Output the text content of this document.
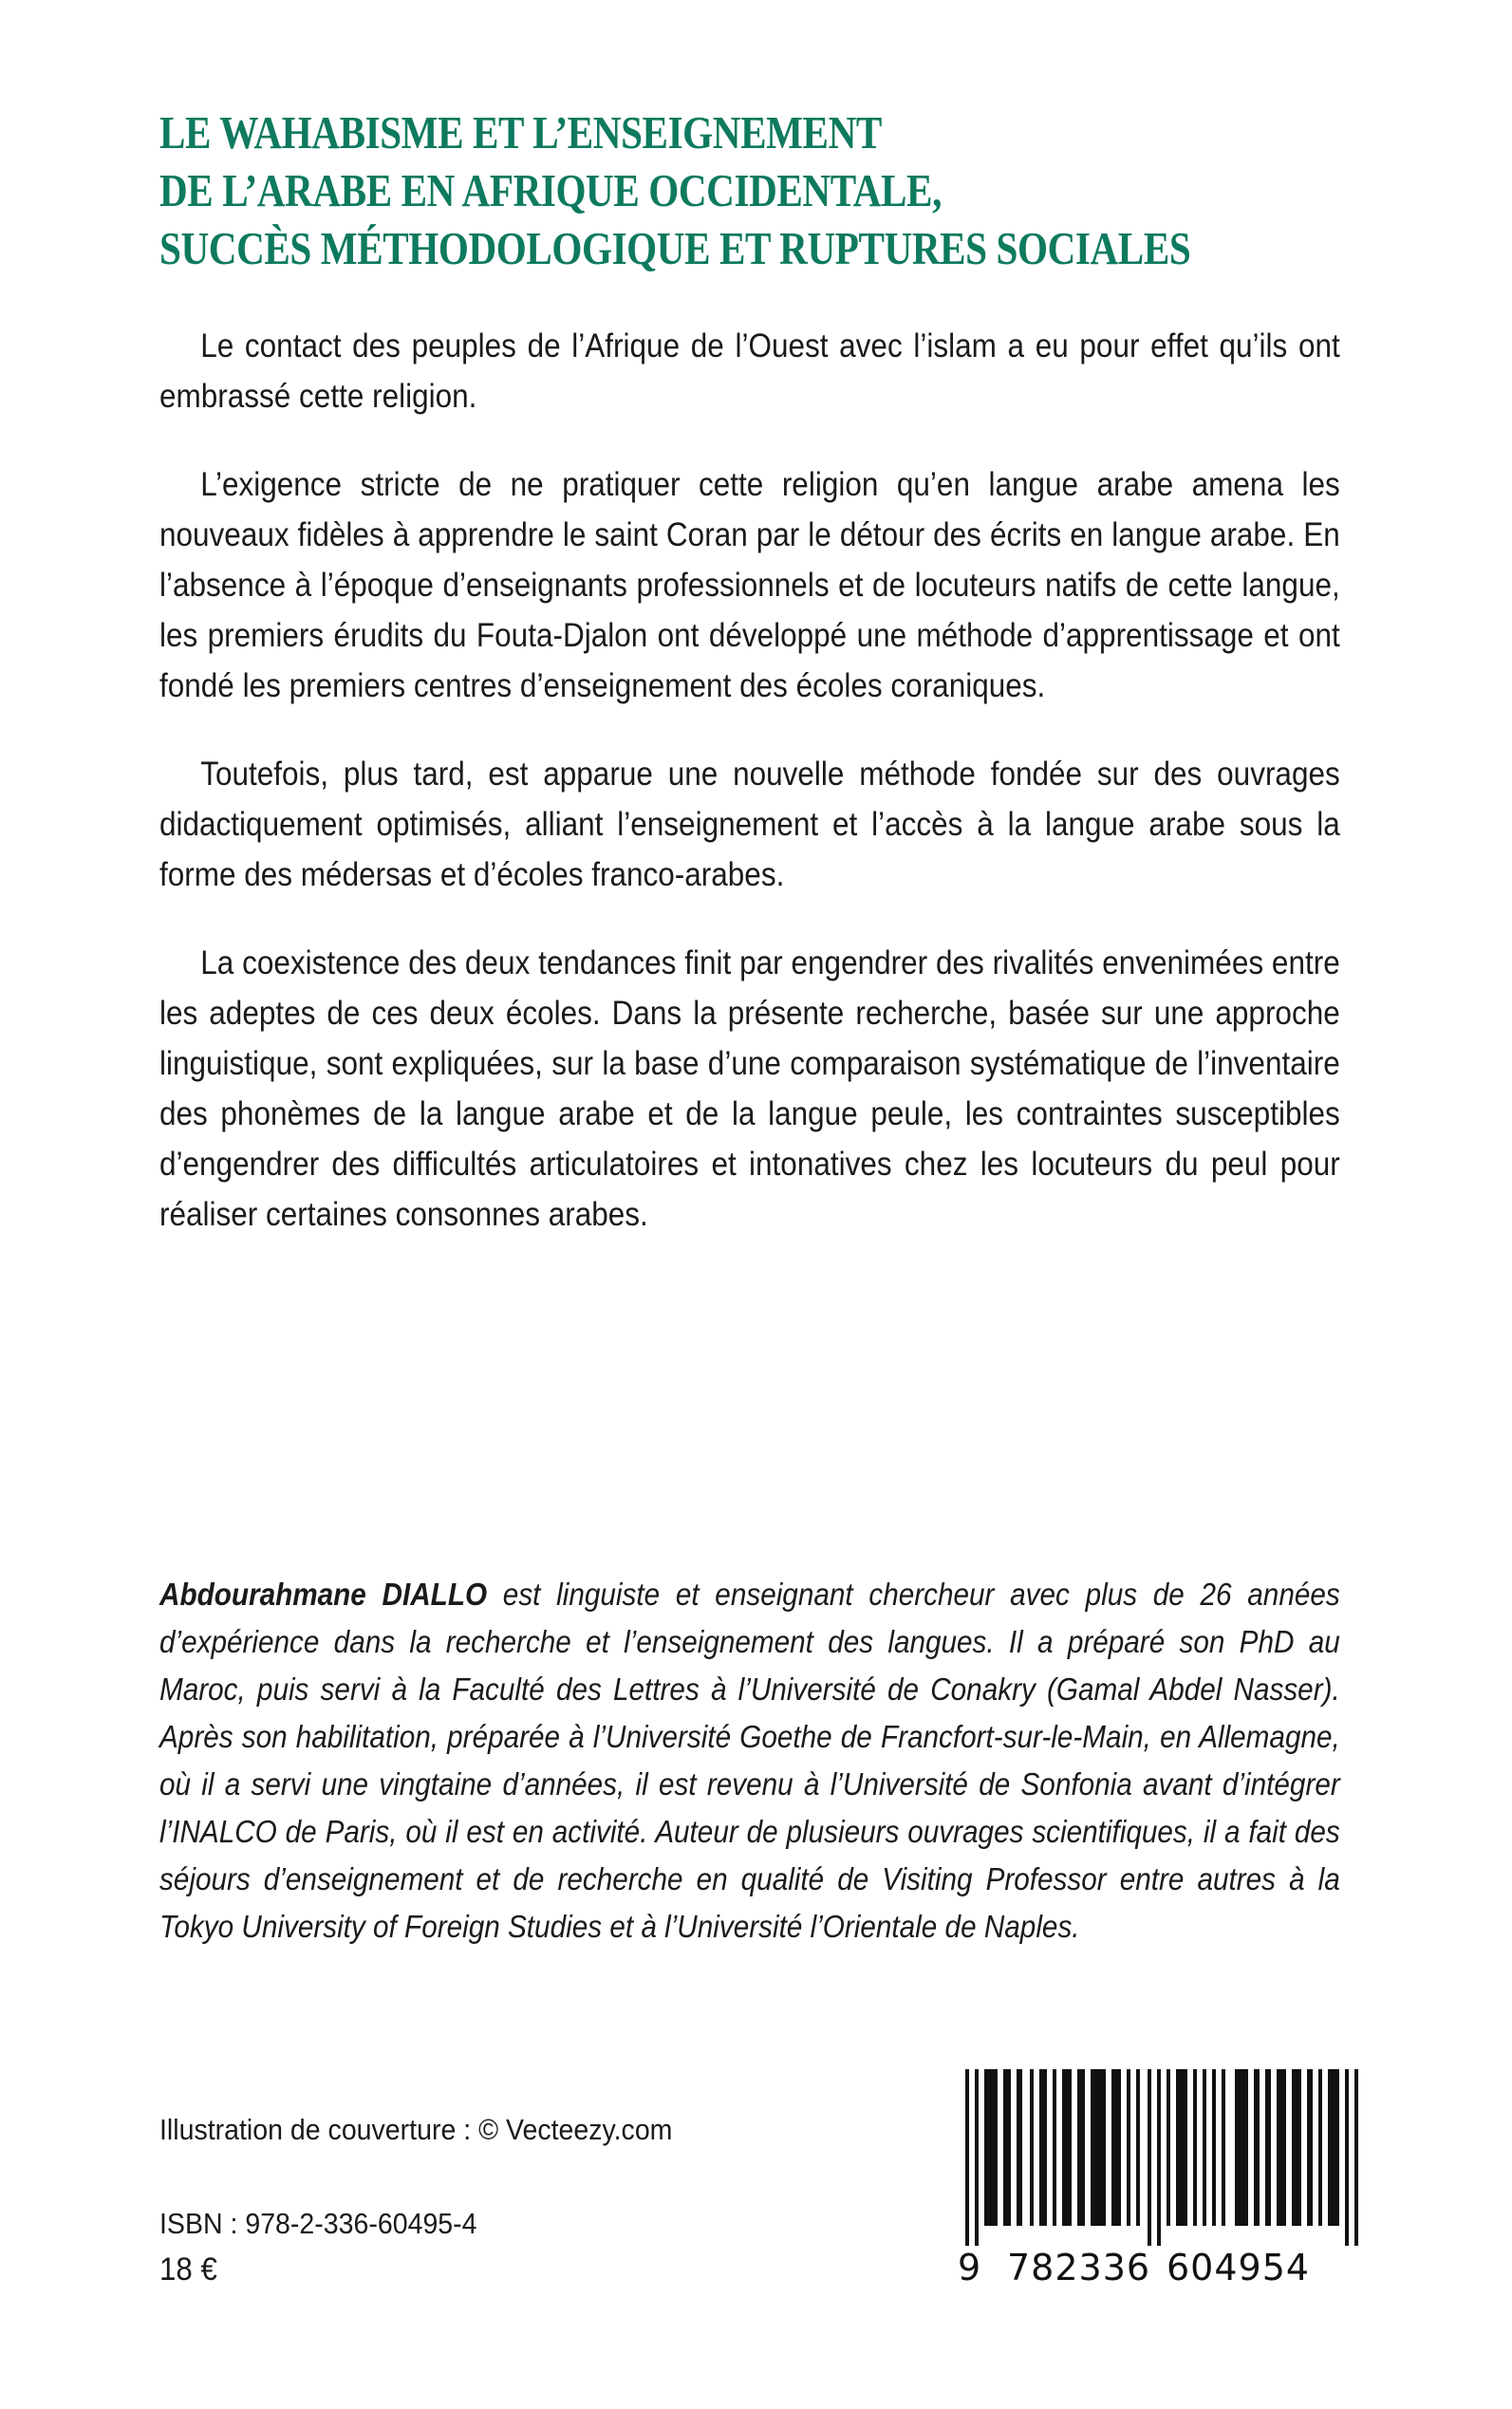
LE WAHABISME ET L’ENSEIGNEMENT
DE L’ARABE EN AFRIQUE OCCIDENTALE,
SUCCÈS MÉTHODOLOGIQUE ET RUPTURES SOCIALES

Le contact des peuples de l’Afrique de l’Ouest avec l’islam a eu pour effet qu’ils ont embrassé cette religion.

L’exigence stricte de ne pratiquer cette religion qu’en langue arabe amena les nouveaux fidèles à apprendre le saint Coran par le détour des écrits en langue arabe. En l’absence à l’époque d’enseignants professionnels et de locuteurs natifs de cette langue, les premiers érudits du Fouta-Djalon ont développé une méthode d’apprentissage et ont fondé les premiers centres d’enseignement des écoles coraniques.

Toutefois, plus tard, est apparue une nouvelle méthode fondée sur des ouvrages didactiquement optimisés, alliant l’enseignement et l’accès à la langue arabe sous la forme des médersas et d’écoles franco-arabes.

La coexistence des deux tendances finit par engendrer des rivalités envenimées entre les adeptes de ces deux écoles. Dans la présente recherche, basée sur une approche linguistique, sont expliquées, sur la base d’une comparaison systématique de l’inventaire des phonèmes de la langue arabe et de la langue peule, les contraintes susceptibles d’engendrer des difficultés articulatoires et intonatives chez les locuteurs du peul pour réaliser certaines consonnes arabes.

Abdourahmane DIALLO est linguiste et enseignant chercheur avec plus de 26 années d’expérience dans la recherche et l’enseignement des langues. Il a préparé son PhD au Maroc, puis servi à la Faculté des Lettres à l’Université de Conakry (Gamal Abdel Nasser). Après son habilitation, préparée à l’Université Goethe de Francfort-sur-le-Main, en Allemagne, où il a servi une vingtaine d’années, il est revenu à l’Université de Sonfonia avant d’intégrer l’INALCO de Paris, où il est en activité. Auteur de plusieurs ouvrages scientifiques, il a fait des séjours d’enseignement et de recherche en qualité de Visiting Professor entre autres à la Tokyo University of Foreign Studies et à l’Université l’Orientale de Naples.

Illustration de couverture : © Vecteezy.com

ISBN : 978-2-336-60495-4

18 €	9 782336 604954
